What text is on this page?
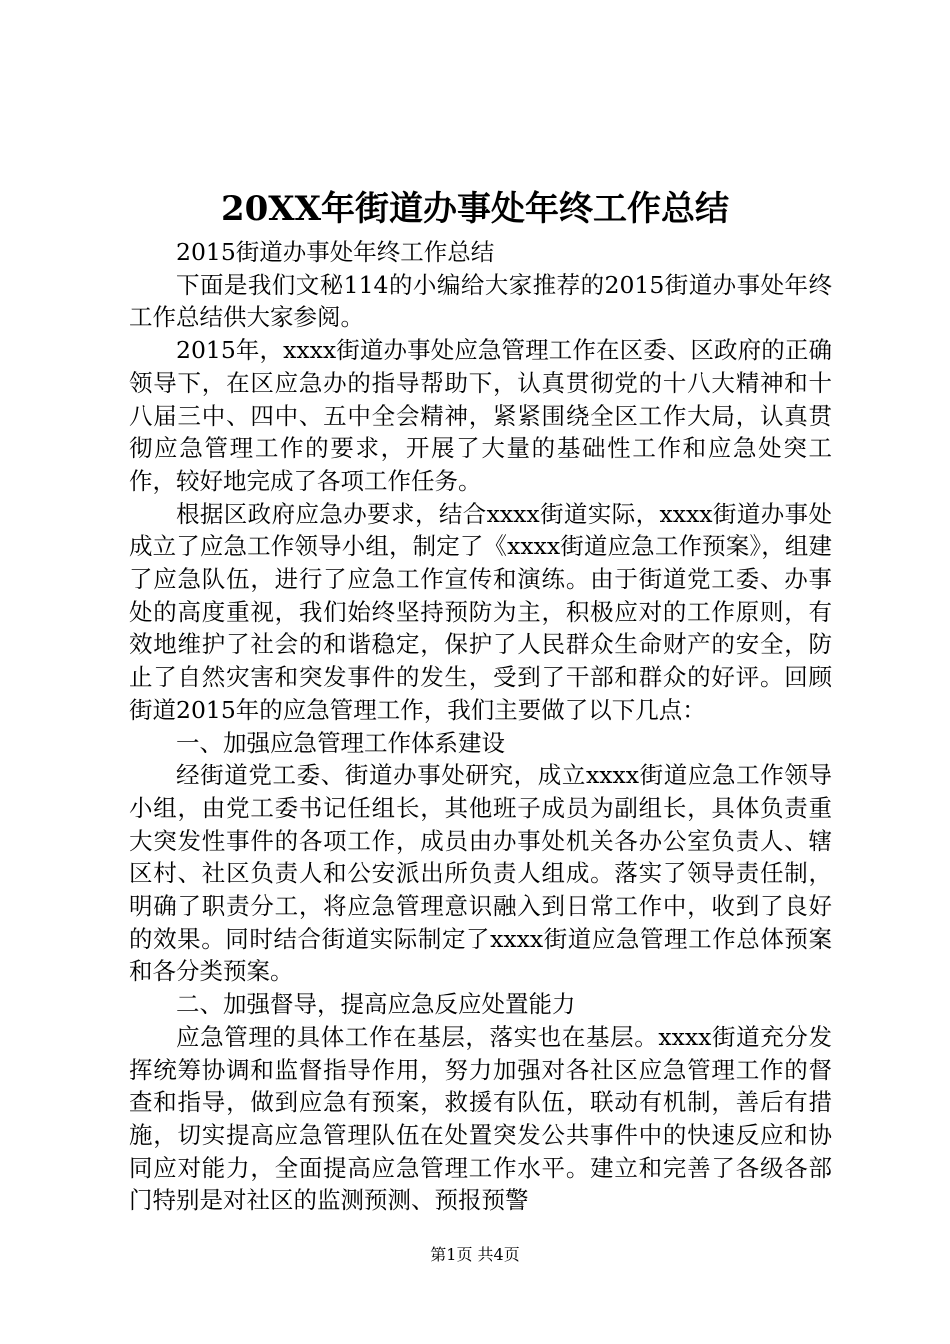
20XX年街道办事处年终工作总结

2015街道办事处年终工作总结

下面是我们文秘114的小编给大家推荐的2015街道办事处年终工作总结供大家参阅。

2015年，xxxx街道办事处应急管理工作在区委、区政府的正确领导下，在区应急办的指导帮助下，认真贯彻党的十八大精神和十八届三中、四中、五中全会精神，紧紧围绕全区工作大局，认真贯彻应急管理工作的要求，开展了大量的基础性工作和应急处突工作，较好地完成了各项工作任务。

根据区政府应急办要求，结合xxxx街道实际，xxxx街道办事处成立了应急工作领导小组，制定了《xxxx街道应急工作预案》，组建了应急队伍，进行了应急工作宣传和演练。由于街道党工委、办事处的高度重视，我们始终坚持预防为主，积极应对的工作原则，有效地维护了社会的和谐稳定，保护了人民群众生命财产的安全，防止了自然灾害和突发事件的发生，受到了干部和群众的好评。回顾街道2015年的应急管理工作，我们主要做了以下几点：

一、加强应急管理工作体系建设

经街道党工委、街道办事处研究，成立xxxx街道应急工作领导小组，由党工委书记任组长，其他班子成员为副组长，具体负责重大突发性事件的各项工作，成员由办事处机关各办公室负责人、辖区村、社区负责人和公安派出所负责人组成。落实了领导责任制，明确了职责分工，将应急管理意识融入到日常工作中，收到了良好的效果。同时结合街道实际制定了xxxx街道应急管理工作总体预案和各分类预案。

二、加强督导，提高应急反应处置能力

应急管理的具体工作在基层，落实也在基层。xxxx街道充分发挥统筹协调和监督指导作用，努力加强对各社区应急管理工作的督查和指导，做到应急有预案，救援有队伍，联动有机制，善后有措施，切实提高应急管理队伍在处置突发公共事件中的快速反应和协同应对能力，全面提高应急管理工作水平。建立和完善了各级各部门特别是对社区的监测预测、预报预警

第1页 共4页
